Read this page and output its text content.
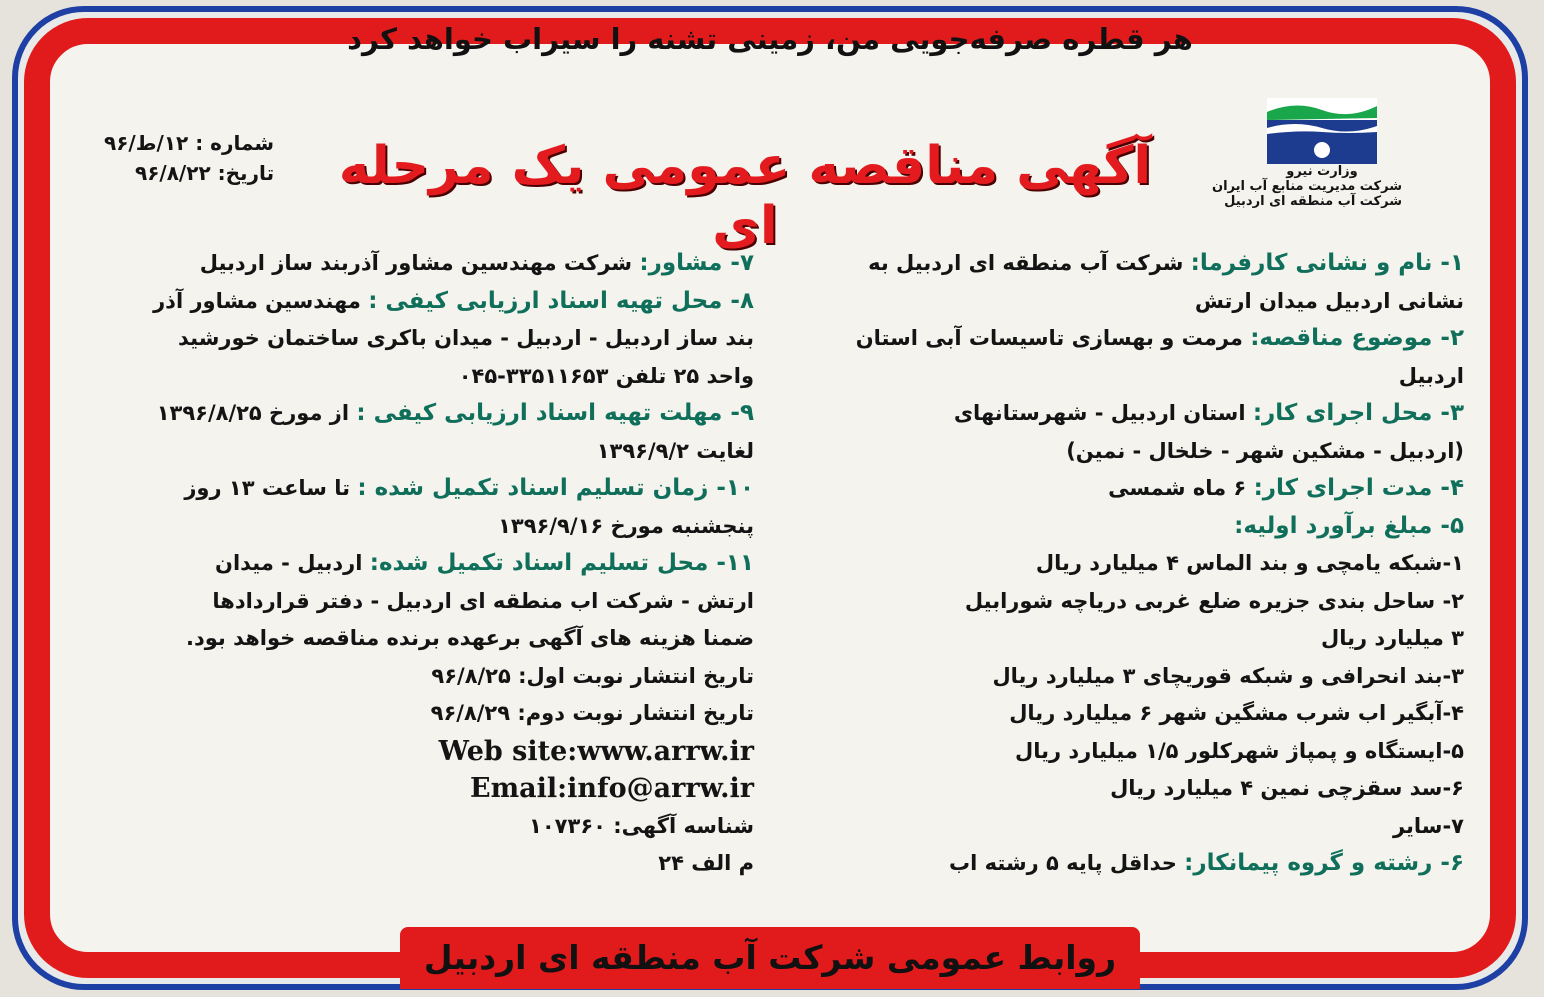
هر قطره صرفه‌جویی من، زمینی تشنه را سیراب خواهد کرد
وزارت نیرو
شرکت مدیریت منابع آب ایران
شرکت آب منطقه ای اردبیل
شماره : ۱۲/ط/۹۶
تاریخ: ۹۶/۸/۲۲ آگهی مناقصه عمومی یک مرحله ای

۱- نام و نشانی کارفرما: شرکت آب منطقه ای اردبیل به

نشانی اردبیل میدان ارتش

۲- موضوع مناقصه: مرمت و بهسازی تاسیسات آبی استان

اردبیل

۳- محل اجرای کار: استان اردبیل - شهرستانهای

(اردبیل - مشکین شهر - خلخال - نمین)

۴- مدت اجرای کار: ۶ ماه شمسی

۵- مبلغ برآورد اولیه:

۱-شبکه یامچی و بند الماس ۴ میلیارد ریال

۲- ساحل بندی جزیره ضلع غربی دریاچه شورابیل

۳ میلیارد ریال

۳-بند انحرافی و شبکه قوریچای ۳ میلیارد ریال

۴-آبگیر اب شرب مشگین شهر ۶ میلیارد ریال

۵-ایستگاه و پمپاژ شهرکلور ۱/۵ میلیارد ریال

۶-سد سقزچی نمین ۴ میلیارد ریال

۷-سایر

۶- رشته و گروه پیمانکار: حداقل پایه ۵ رشته اب

۷- مشاور: شرکت مهندسین مشاور آذربند ساز اردبیل

۸- محل تهیه اسناد ارزیابی کیفی : مهندسین مشاور آذر

بند ساز اردبیل - اردبیل - میدان باکری ساختمان خورشید

واحد ۲۵ تلفن ۳۳۵۱۱۶۵۳-۰۴۵

۹- مهلت تهیه اسناد ارزیابی کیفی : از مورخ ۱۳۹۶/۸/۲۵

لغایت ۱۳۹۶/۹/۲

۱۰- زمان تسلیم اسناد تکمیل شده : تا ساعت ۱۳ روز

پنجشنبه مورخ ۱۳۹۶/۹/۱۶

۱۱- محل تسلیم اسناد تکمیل شده: اردبیل - میدان

ارتش - شرکت اب منطقه ای اردبیل - دفتر قراردادها

ضمنا هزینه های آگهی برعهده برنده مناقصه خواهد بود.

تاریخ انتشار نوبت اول: ۹۶/۸/۲۵

تاریخ انتشار نوبت دوم: ۹۶/۸/۲۹

Web site:www.arrw.ir

Email:info@arrw.ir

شناسه آگهی: ۱۰۷۳۶۰

م الف ۲۴

روابط عمومی شرکت آب منطقه ای اردبیل
